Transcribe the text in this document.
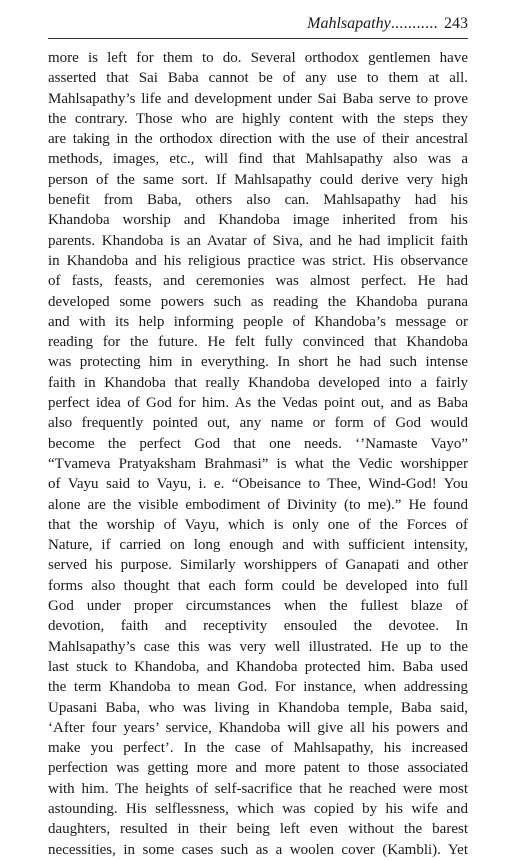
Mahlsapathy........... 243
more is left for them to do. Several orthodox gentlemen have
asserted that Sai Baba cannot be of any use to them at all.
Mahlsapathy’s life and development under Sai Baba serve to prove
the contrary. Those who are highly content with the steps they
are taking in the orthodox direction with the use of their ancestral
methods, images, etc., will find that Mahlsapathy also was a
person of the same sort. If Mahlsapathy could derive very high
benefit from Baba, others also can. Mahlsapathy had his
Khandoba worship and Khandoba image inherited from his
parents. Khandoba is an Avatar of Siva, and he had implicit faith
in Khandoba and his religious practice was strict. His observance
of fasts, feasts, and ceremonies was almost perfect. He had
developed some powers such as reading the Khandoba purana
and with its help informing people of Khandoba’s message or
reading for the future. He felt fully convinced that Khandoba
was protecting him in everything. In short he had such intense
faith in Khandoba that really Khandoba developed into a fairly
perfect idea of God for him. As the Vedas point out, and as Baba
also frequently pointed out, any name or form of God would
become the perfect God that one needs. ‘’Namaste Vayo”
“Tvameva Pratyaksham Brahmasi” is what the Vedic worshipper
of Vayu said to Vayu, i. e. “Obeisance to Thee, Wind-God! You
alone are the visible embodiment of Divinity (to me).” He found
that the worship of Vayu, which is only one of the Forces of
Nature, if carried on long enough and with sufficient intensity,
served his purpose. Similarly worshippers of Ganapati and other
forms also thought that each form could be developed into full
God under proper circumstances when the fullest blaze of
devotion, faith and receptivity ensouled the devotee. In
Mahlsapathy’s case this was very well illustrated. He up to the
last stuck to Khandoba, and Khandoba protected him. Baba used
the term Khandoba to mean God. For instance, when addressing
Upasani Baba, who was living in Khandoba temple, Baba said,
‘After four years’ service, Khandoba will give all his powers and
make you perfect’. In the case of Mahlsapathy, his increased
perfection was getting more and more patent to those associated
with him. The heights of self-sacrifice that he reached were most
astounding. His selflessness, which was copied by his wife and
daughters, resulted in their being left even without the barest
necessities, in some cases such as a woolen cover (Kambli). Yet
